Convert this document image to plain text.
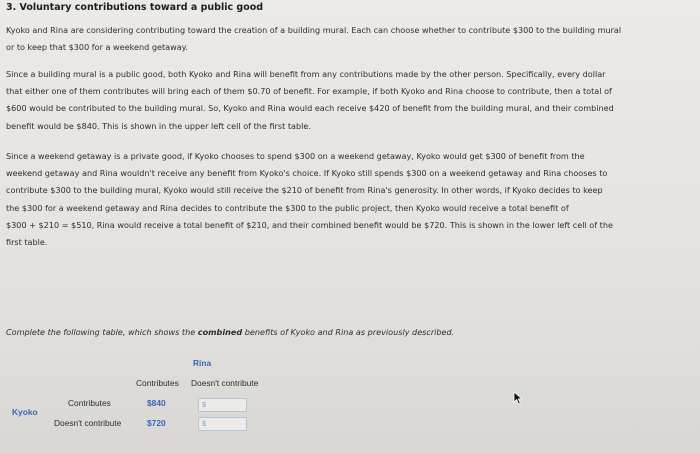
3. Voluntary contributions toward a public good
Kyoko and Rina are considering contributing toward the creation of a building mural. Each can choose whether to contribute $300 to the building mural
or to keep that $300 for a weekend getaway.
Since a building mural is a public good, both Kyoko and Rina will benefit from any contributions made by the other person. Specifically, every dollar
that either one of them contributes will bring each of them $0.70 of benefit. For example, if both Kyoko and Rina choose to contribute, then a total of
$600 would be contributed to the building mural. So, Kyoko and Rina would each receive $420 of benefit from the building mural, and their combined
benefit would be $840. This is shown in the upper left cell of the first table.
Since a weekend getaway is a private good, if Kyoko chooses to spend $300 on a weekend getaway, Kyoko would get $300 of benefit from the
weekend getaway and Rina wouldn't receive any benefit from Kyoko's choice. If Kyoko still spends $300 on a weekend getaway and Rina chooses to
contribute $300 to the building mural, Kyoko would still receive the $210 of benefit from Rina's generosity. In other words, if Kyoko decides to keep
the $300 for a weekend getaway and Rina decides to contribute the $300 to the public project, then Kyoko would receive a total benefit of
$300 + $210 = $510, Rina would receive a total benefit of $210, and their combined benefit would be $720. This is shown in the lower left cell of the
first table.
Complete the following table, which shows the combined benefits of Kyoko and Rina as previously described.
Rina
Contributes Doesn't contribute
Kyoko
Contributes
Doesn't contribute
$840
$720
$
$
